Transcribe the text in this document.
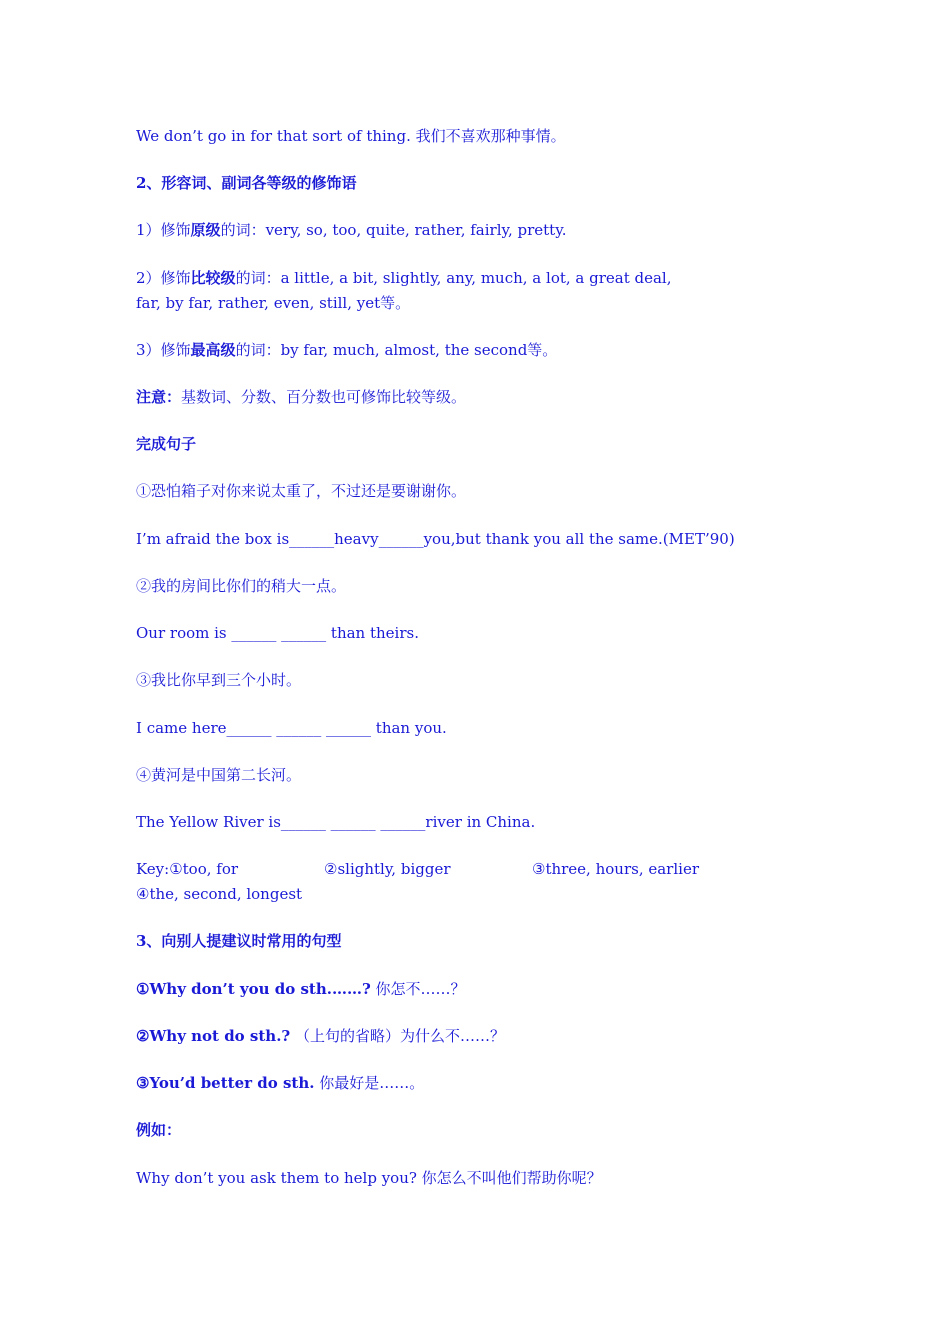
We don’t go in for that sort of thing. 我们不喜欢那种事情。
2、形容词、副词各等级的修饰语
1）修饰原级的词：very, so, too, quite, rather, fairly, pretty.
2）修饰比较级的词：a little, a bit, slightly, any, much, a lot, a great deal,
far, by far, rather, even, still, yet等。
3）修饰最高级的词：by far, much, almost, the second等。
注意：基数词、分数、百分数也可修饰比较等级。
完成句子
①恐怕箱子对你来说太重了，不过还是要谢谢你。
I’m afraid the box is______heavy______you,but thank you all the same.(MET’90)
②我的房间比你们的稍大一点。
Our room is ______ ______ than theirs.
③我比你早到三个小时。
I came here______ ______ ______ than you.
④黄河是中国第二长河。
The Yellow River is______ ______ ______river in China.
Key:①too, for	②slightly, bigger	③three, hours, earlier
④the, second, longest
3、向别人提建议时常用的句型
①Why don’t you do sth.……? 你怎不……？
②Why not do sth.? （上句的省略）为什么不……？
③You’d better do sth. 你最好是……。
例如：
Why don’t you ask them to help you? 你怎么不叫他们帮助你呢？
